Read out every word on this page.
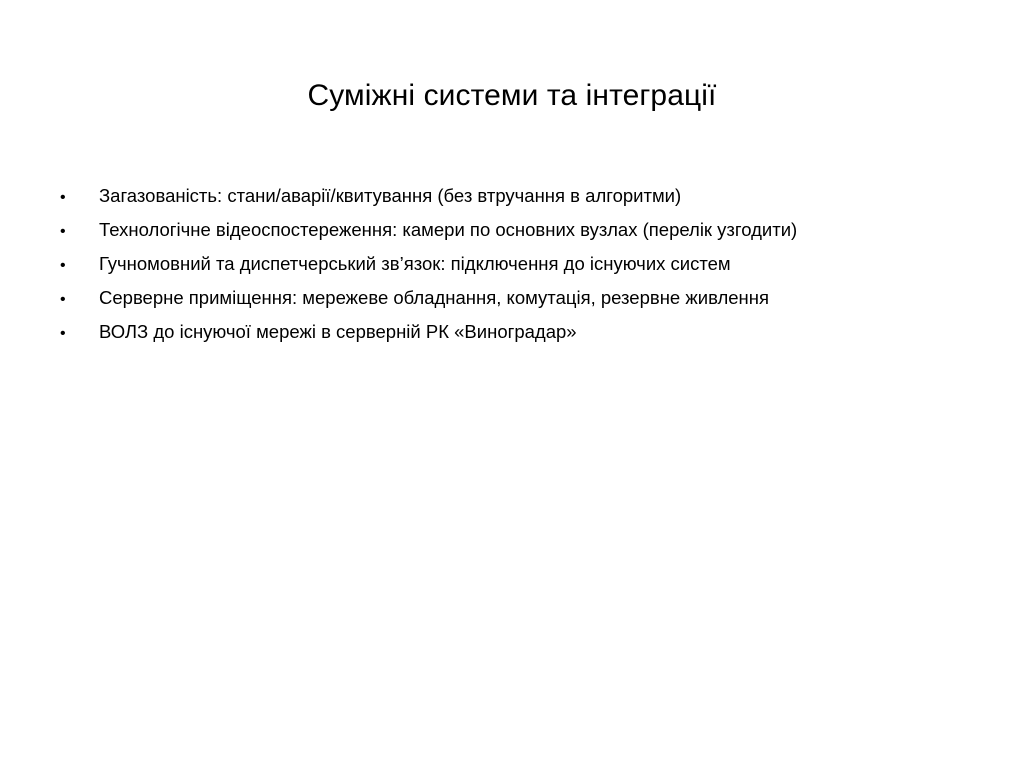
Суміжні системи та інтеграції
•	Загазованість: стани/аварії/квитування (без втручання в алгоритми)
•	Технологічне відеоспостереження: камери по основних вузлах (перелік узгодити)
•	Гучномовний та диспетчерський зв’язок: підключення до існуючих систем
•	Серверне приміщення: мережеве обладнання, комутація, резервне живлення
•	ВОЛЗ до існуючої мережі в серверній РК «Виноградар»
